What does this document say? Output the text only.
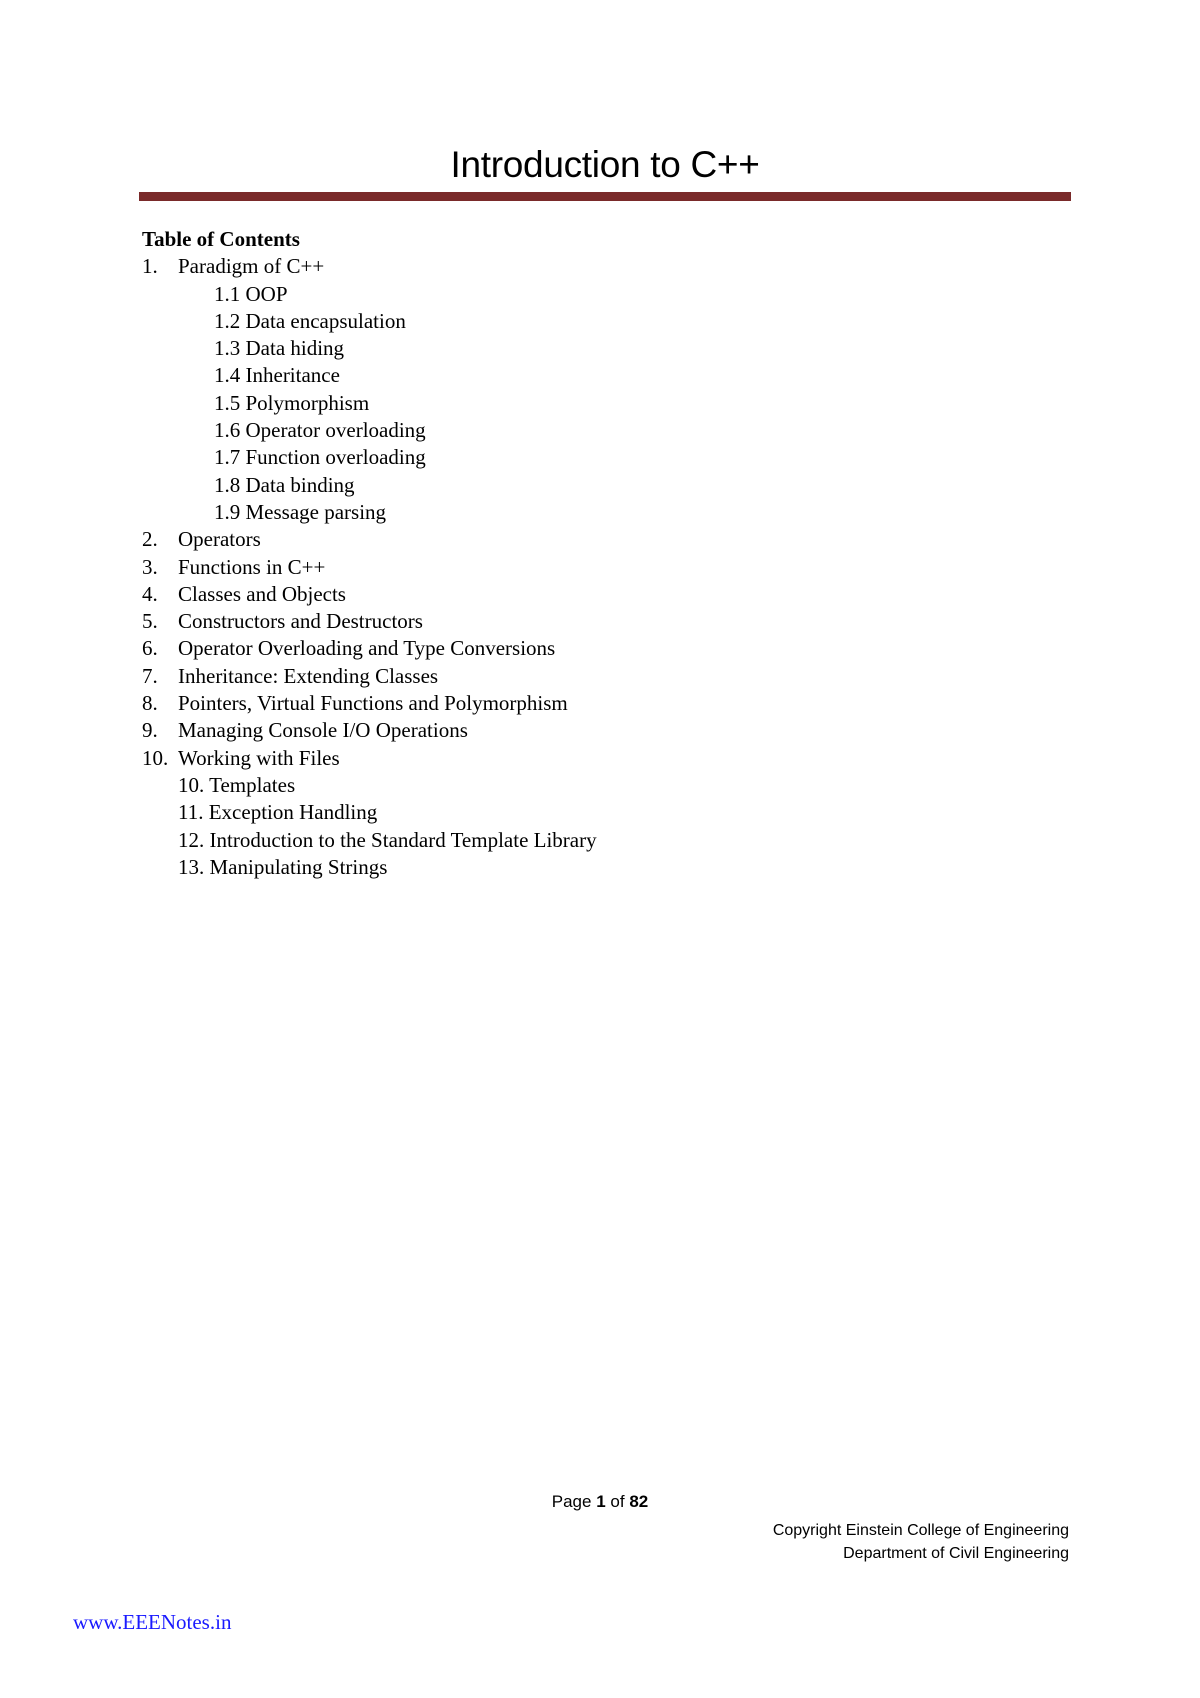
Introduction to C++
Table of Contents
1. Paradigm of C++
1.1 OOP
1.2 Data encapsulation
1.3 Data hiding
1.4 Inheritance
1.5 Polymorphism
1.6 Operator overloading
1.7 Function overloading
1.8 Data binding
1.9 Message parsing
2. Operators
3. Functions in C++
4. Classes and Objects
5. Constructors and Destructors
6. Operator Overloading and Type Conversions
7. Inheritance: Extending Classes
8. Pointers, Virtual Functions and Polymorphism
9. Managing Console I/O Operations
10. Working with Files
10. Templates
11. Exception Handling
12. Introduction to the Standard Template Library
13. Manipulating Strings
Page 1 of 82
Copyright Einstein College of Engineering
Department of Civil Engineering
www.EEENotes.in
